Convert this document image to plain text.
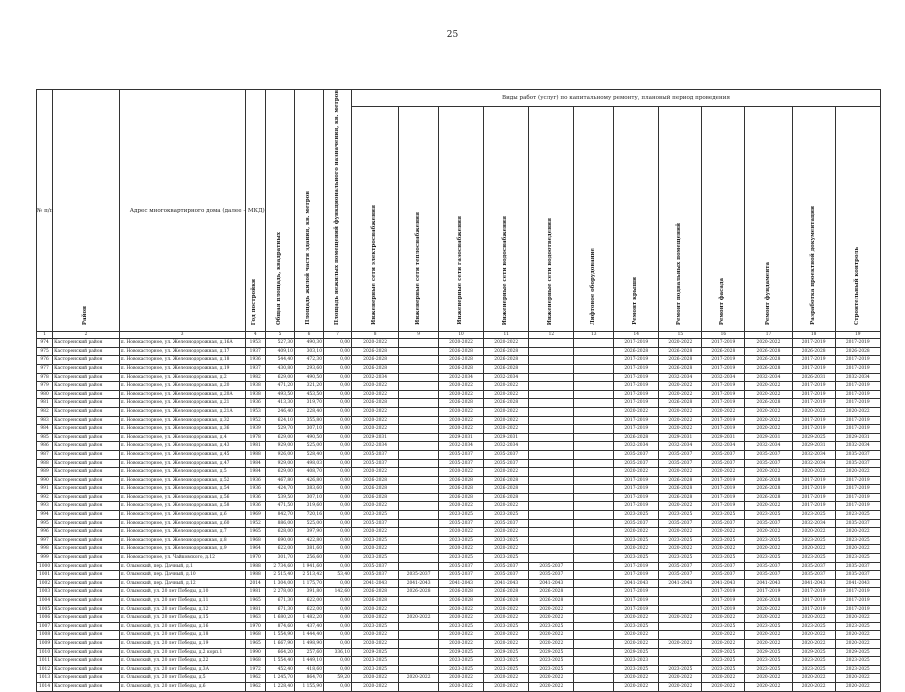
25
№ п/п	Район	Адрес многоквартирного дома (далее – МКД)	Год постройки	Общая площадь, квадратных	Площадь жилой части здания, кв. метров	Площадь нежилых помещений функционального назначения, кв. метров	Виды работ (услуг) по капитальному ремонту, плановый период проведения											
							Инженерные сети электроснабжения	Инженерные сети теплоснабжения	Инженерные сети газоснабжения	Инженерные сети водоснабжения	Инженерные сети водоотведения	Лифтовое оборудование	Ремонт крыши	Ремонт подвальных помещений	Ремонт фасада	Ремонт фундамента	Разработка проектной документации	Строительный контроль
1	2	3	4	5	6	7	8	9	10	11	12	13	14	15	16	17	18	19
974	Касторенский район	п. Новокасторное, ул. Железнодорожная, д.16А	1953	527,30	490,30	0,00	2020-2022		2020-2022	2020-2022			2017-2019	2020-2022	2017-2019	2020-2022	2017-2019	2017-2019
975	Касторенский район	п. Новокасторное, ул. Железнодорожная, д.17	1937	409,10	303,10	0,00	2026-2028		2026-2028	2026-2028			2026-2028	2026-2028	2026-2028	2026-2028	2026-2028	2026-2028
976	Касторенский район	п. Новокасторное, ул. Железнодорожная, д.18	1936	544,40	472,30	0,00	2026-2028		2026-2028	2026-2028			2017-2019	2026-2028	2017-2019	2026-2028	2017-2019	2017-2019
977	Касторенский район	п. Новокасторное, ул. Железнодорожная, д.19	1937	430,80	293,60	0,00	2026-2028		2026-2028	2026-2028			2017-2019	2026-2028	2017-2019	2026-2028	2017-2019	2017-2019
978	Касторенский район	п. Новокасторное, ул. Железнодорожная, д.2	1982	629,00	490,50	0,00	2032-2034		2032-2034	2032-2034			2017-2019	2032-2034	2032-2034	2032-2034	2026-2031	2032-2034
979	Касторенский район	п. Новокасторное, ул. Железнодорожная, д.20	1938	471,20	321,20	0,00	2020-2022		2020-2022	2020-2022			2017-2019	2020-2022	2017-2019	2020-2022	2017-2019	2017-2019
980	Касторенский район	п. Новокасторное, ул. Железнодорожная, д.20А	1938	493,50	453,50	0,00	2020-2022		2020-2022	2020-2022			2017-2019	2020-2022	2017-2019	2020-2022	2017-2019	2017-2019
981	Касторенский район	п. Новокасторное, ул. Железнодорожная, д.21	1936	413,30	319,70	0,00	2026-2028		2026-2028	2026-2028			2017-2019	2026-2028	2017-2019	2026-2028	2017-2019	2017-2019
982	Касторенский район	п. Новокасторное, ул. Железнодорожная, д.21А	1953	246,40	228,40	0,00	2020-2022		2020-2022	2020-2022			2020-2022	2020-2022	2020-2022	2020-2022	2020-2022	2020-2022
983	Касторенский район	п. Новокасторное, ул. Железнодорожная, д.32	1952	624,10	355,80	0,00	2020-2022		2020-2022	2020-2022			2017-2019	2020-2022	2017-2019	2020-2022	2017-2019	2017-2019
984	Касторенский район	п. Новокасторное, ул. Железнодорожная, д.36	1939	529,70	307,10	0,00	2020-2022		2020-2022	2020-2022			2017-2019	2020-2022	2017-2019	2020-2022	2017-2019	2017-2019
985	Касторенский район	п. Новокасторное, ул. Железнодорожная, д.4	1978	629,00	490,50	0,00	2029-2031		2029-2031	2029-2031			2026-2028	2029-2031	2029-2031	2029-2031	2029-2025	2029-2031
986	Касторенский район	п. Новокасторное, ул. Железнодорожная, д.43	1981	929,00	525,00	0,00	2032-2034		2032-2034	2032-2034			2032-2034	2032-2034	2032-2034	2032-2034	2029-2031	2032-2034
987	Касторенский район	п. Новокасторное, ул. Железнодорожная, д.45	1988	926,00	528,40	0,00	2035-2037		2035-2037	2035-2037			2035-2037	2035-2037	2035-2037	2035-2037	2032-2034	2035-2037
988	Касторенский район	п. Новокасторное, ул. Железнодорожная, д.47	1984	929,00	498,03	0,00	2035-2037		2035-2037	2035-2037			2035-2037	2035-2037	2035-2037	2035-2037	2032-2034	2035-2037
989	Касторенский район	п. Новокасторное, ул. Железнодорожная, д.5	1984	629,00	408,70	0,00	2020-2022		2020-2022	2020-2022			2020-2022	2020-2022	2020-2022	2020-2022	2020-2022	2020-2022
990	Касторенский район	п. Новокасторное, ул. Железнодорожная, д.52	1936	467,80	426,80	0,00	2026-2028		2026-2028	2026-2028			2017-2019	2026-2028	2017-2019	2026-2028	2017-2019	2017-2019
991	Касторенский район	п. Новокасторное, ул. Железнодорожная, д.54	1936	424,70	383,60	0,00	2026-2028		2026-2028	2026-2028			2017-2019	2026-2028	2017-2019	2026-2028	2017-2019	2017-2019
992	Касторенский район	п. Новокасторное, ул. Железнодорожная, д.56	1936	539,50	307,10	0,00	2026-2028		2026-2028	2026-2028			2017-2019	2026-2028	2017-2019	2026-2028	2017-2019	2017-2019
993	Касторенский район	п. Новокасторное, ул. Железнодорожная, д.58	1936	471,50	319,60	0,00	2020-2022		2020-2022	2020-2022			2017-2019	2020-2022	2017-2019	2020-2022	2017-2019	2017-2019
994	Касторенский район	п. Новокасторное, ул. Железнодорожная, д.6	1969	842,70	720,16	0,00	2023-2025		2023-2025	2023-2025			2023-2025	2023-2025	2023-2025	2023-2025	2023-2025	2023-2025
995	Касторенский район	п. Новокасторное, ул. Железнодорожная, д.60	1952	886,00	525,00	0,00	2035-2037		2035-2037	2035-2037			2035-2037	2035-2037	2035-2037	2035-2037	2032-2034	2035-2037
996	Касторенский район	п. Новокасторное, ул. Железнодорожная, д.7	1965	628,00	397,90	0,00	2020-2022		2020-2022	2020-2022			2020-2022	2020-2022	2020-2022	2020-2022	2020-2022	2020-2022
997	Касторенский район	п. Новокасторное, ул. Железнодорожная, д.8	1968	690,00	422,80	0,00	2023-2025		2023-2025	2023-2025			2023-2025	2023-2025	2023-2025	2023-2025	2023-2025	2023-2025
998	Касторенский район	п. Новокасторное, ул. Железнодорожная, д.9	1964	622,00	381,60	0,00	2020-2022		2020-2022	2020-2022			2020-2022	2020-2022	2020-2022	2020-2022	2020-2022	2020-2022
999	Касторенский район	п. Новокасторное, ул. Чайковского, д.12	1970	301,70	256,60	0,00	2023-2025		2023-2025	2023-2025			2023-2025	2023-2025	2023-2025	2023-2025	2023-2025	2023-2025
1000	Касторенский район	п. Олымский, пер. Дачный, д.1	1988	2 734,60	1 941,60	0,00	2035-2037		2035-2037	2035-2037	2035-2037		2017-2019	2035-2037	2035-2037	2035-2037	2035-2037	2035-2037
1001	Касторенский район	п. Олымский, пер. Дачный, д.10	1988	2 515,40	2 513,42	53,40	2035-2037	2035-2037	2035-2037	2035-2037	2035-2037		2017-2019	2035-2037	2035-2037	2035-2037	2035-2037	2035-2037
1002	Касторенский район	п. Олымский, пер. Дачный, д.12	2014	1 304,00	1 175,70	0,00	2041-2043	2041-2043	2041-2043	2041-2043	2041-2043		2041-2043	2041-2043	2041-2043	2041-2043	2041-2043	2041-2043
1003	Касторенский район	п. Олымский, ул. 20 лет Победы, д.10	1981	2 278,00	391,80	142,60	2026-2028	2026-2028	2026-2028	2026-2028	2026-2028		2017-2019		2017-2019	2017-2019	2017-2019	2017-2019
1004	Касторенский район	п. Олымский, ул. 20 лет Победы, д.11	1965	671,30	622,00	0,00	2026-2028		2026-2028	2026-2028	2026-2028		2017-2019		2017-2019	2026-2028	2017-2019	2017-2019
1005	Касторенский район	п. Олымский, ул. 20 лет Победы, д.12	1981	671,30	622,00	0,00	2020-2022		2020-2022	2020-2022	2020-2022		2017-2019		2017-2019	2020-2022	2017-2019	2017-2019
1006	Касторенский район	п. Олымский, ул. 20 лет Победы, д.15	1963	1 680,20	1 482,20	0,00	2020-2022	2020-2022	2020-2022	2020-2022	2020-2022		2020-2022	2020-2022	2020-2022	2020-2022	2020-2022	2020-2022
1007	Касторенский район	п. Олымский, ул. 20 лет Победы, д.16	1970	874,60	437,40	0,00	2023-2025		2023-2025	2023-2025	2023-2025		2023-2025		2023-2025	2023-2025	2023-2025	2023-2025
1008	Касторенский район	п. Олымский, ул. 20 лет Победы, д.18	1968	1 554,90	1 444,40	0,00	2020-2022		2020-2022	2020-2022	2020-2022		2020-2022		2020-2022	2020-2022	2020-2022	2020-2022
1009	Касторенский район	п. Олымский, ул. 20 лет Победы, д.19	1965	1 667,90	1 498,90	0,00	2020-2022		2020-2022	2020-2022	2020-2022		2020-2022	2020-2022	2020-2022	2020-2022	2020-2022	2020-2022
1010	Касторенский район	п. Олымский, ул. 20 лет Победы, д.2 корп.1	1990	664,20	257,60	336,10	2029-2025		2029-2025	2029-2025	2029-2025		2029-2025		2029-2025	2029-2025	2029-2025	2029-2025
1011	Касторенский район	п. Олымский, ул. 20 лет Победы, д.22	1968	1 554,40	1 449,10	0,00	2023-2025		2023-2025	2023-2025	2023-2025		2023-2023		2023-2025	2023-2025	2023-2025	2023-2025
1012	Касторенский район	п. Олымский, ул. 20 лет Победы, д.3А	1972	452,40	418,60	0,00	2023-2025		2023-2025	2023-2025	2023-2025		2023-2025	2023-2025	2023-2025	2023-2025	2023-2025	2023-2025
1013	Касторенский район	п. Олымский, ул. 20 лет Победы, д.5	1962	1 245,70	864,70	59,20	2020-2022	2020-2022	2020-2022	2020-2022	2020-2022		2020-2022	2020-2022	2020-2022	2020-2022	2020-2022	2020-2022
1014	Касторенский район	п. Олымский, ул. 20 лет Победы, д.6	1962	1 228,40	1 155,90	0,00	2020-2022		2020-2022	2020-2022	2020-2022		2020-2022	2020-2022	2020-2022	2020-2022	2020-2022	2020-2022
